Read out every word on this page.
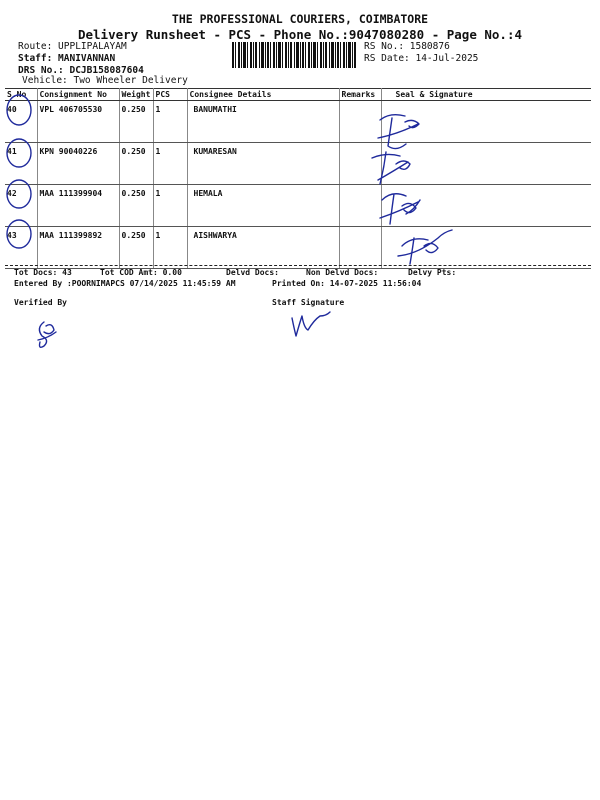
THE PROFESSIONAL COURIERS, COIMBATORE
Delivery Runsheet - PCS - Phone No.:9047080280 - Page No.:4
Route: UPPLIPALAYAM
Staff: MANIVANNAN
DRS No.: DCJB158087604
Vehicle: Two Wheeler Delivery
RS No.: 1580876
RS Date: 14-Jul-2025
S.No	Consignment No	Weight	PCS	Consignee Details	Remarks	Seal & Signature
40	VPL 406705530	0.250	1	BANUMATHI		
41	KPN 90040226	0.250	1	KUMARESAN		
42	MAA 111399904	0.250	1	HEMALA		
43	MAA 111399892	0.250	1	AISHWARYA		
Tot Docs: 43	Tot COD Amt: 0.00	Delvd Docs:	Non Delvd Docs:	Delvy Pts:
Entered By :POORNIMAPCS 07/14/2025 11:45:59 AM	Printed On: 14-07-2025 11:56:04
Verified By	Staff Signature
